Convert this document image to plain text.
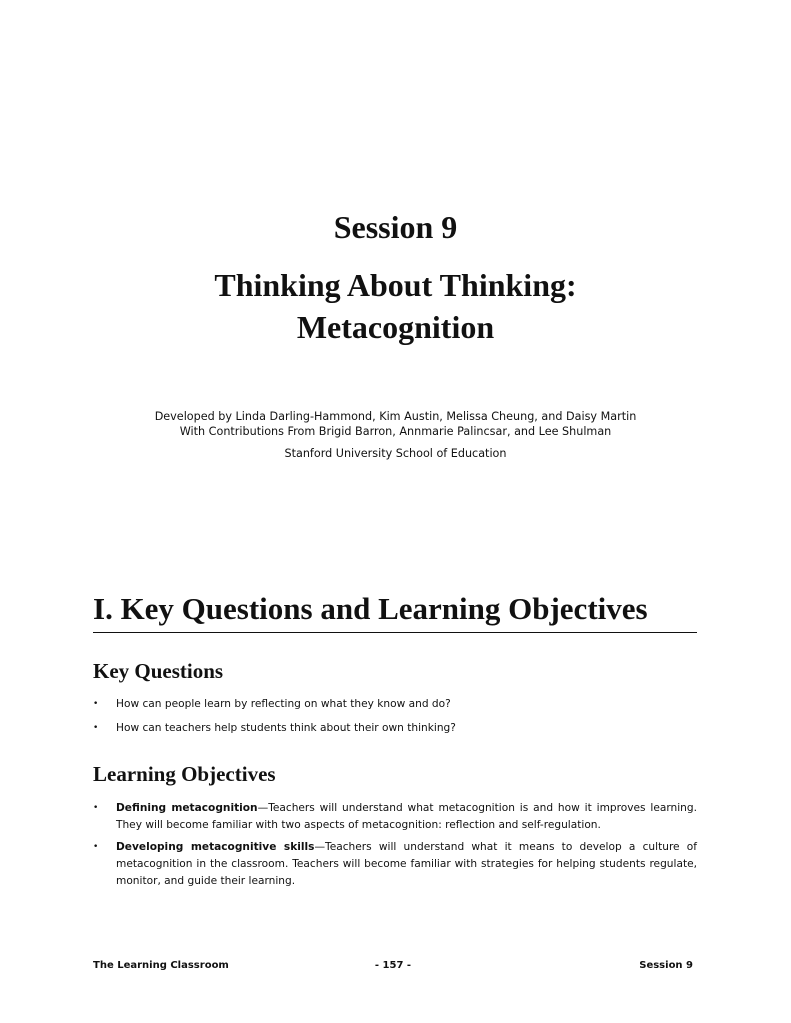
Session 9
Thinking About Thinking:
Metacognition
Developed by Linda Darling-Hammond, Kim Austin, Melissa Cheung, and Daisy Martin
With Contributions From Brigid Barron, Annmarie Palincsar, and Lee Shulman
Stanford University School of Education
I. Key Questions and Learning Objectives
Key Questions
• How can people learn by reflecting on what they know and do?
• How can teachers help students think about their own thinking?
Learning Objectives
• Defining metacognition—Teachers will understand what metacognition is and how it improves learning. They will become familiar with two aspects of metacognition: reflection and self-regulation.
• Developing metacognitive skills—Teachers will understand what it means to develop a culture of metacognition in the classroom. Teachers will become familiar with strategies for helping students regulate, monitor, and guide their learning.
The Learning Classroom	- 157 -	Session 9
